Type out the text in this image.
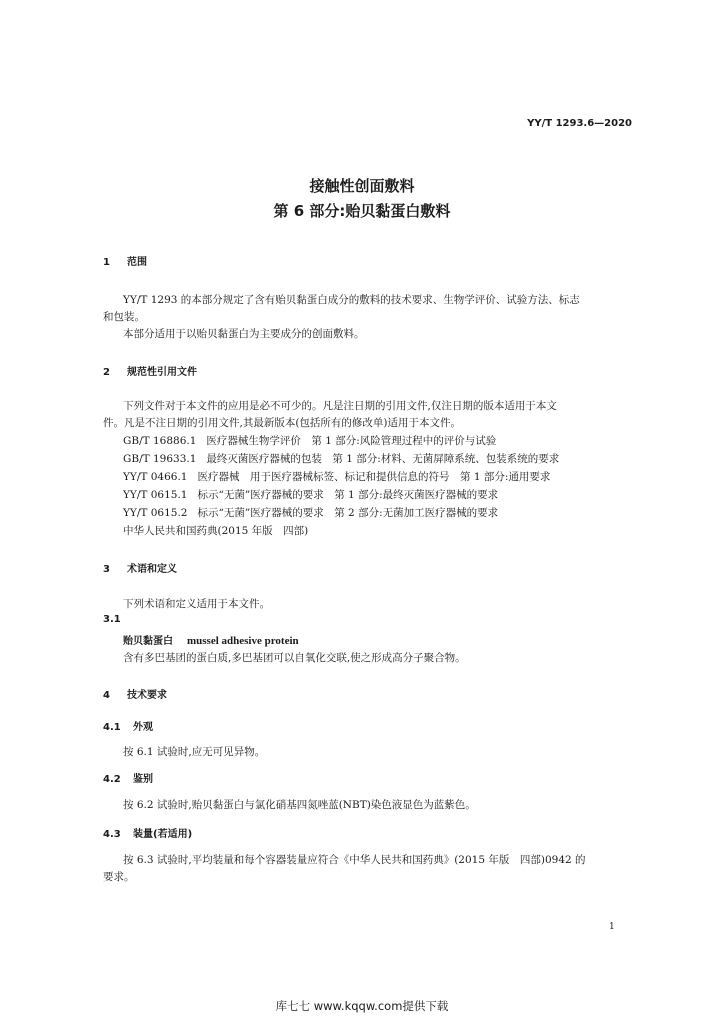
YY/T 1293.6—2020
接触性创面敷料
第 6 部分:贻贝黏蛋白敷料
1 范围
YY/T 1293 的本部分规定了含有贻贝黏蛋白成分的敷料的技术要求、生物学评价、试验方法、标志
和包装。
本部分适用于以贻贝黏蛋白为主要成分的创面敷料。
2 规范性引用文件
下列文件对于本文件的应用是必不可少的。凡是注日期的引用文件,仅注日期的版本适用于本文
件。凡是不注日期的引用文件,其最新版本(包括所有的修改单)适用于本文件。
GB/T 16886.1 医疗器械生物学评价　第 1 部分:风险管理过程中的评价与试验
GB/T 19633.1 最终灭菌医疗器械的包装　第 1 部分:材料、无菌屏障系统、包装系统的要求
YY/T 0466.1 医疗器械　用于医疗器械标签、标记和提供信息的符号　第 1 部分:通用要求
YY/T 0615.1 标示“无菌”医疗器械的要求　第 1 部分:最终灭菌医疗器械的要求
YY/T 0615.2 标示“无菌”医疗器械的要求　第 2 部分:无菌加工医疗器械的要求
中华人民共和国药典(2015 年版　四部)
3 术语和定义
下列术语和定义适用于本文件。
3.1
贻贝黏蛋白 mussel adhesive protein
含有多巴基团的蛋白质,多巴基团可以自氧化交联,使之形成高分子聚合物。
4 技术要求
4.1 外观
按 6.1 试验时,应无可见异物。
4.2 鉴别
按 6.2 试验时,贻贝黏蛋白与氯化硝基四氮唑蓝(NBT)染色液显色为蓝紫色。
4.3 装量(若适用)
按 6.3 试验时,平均装量和每个容器装量应符合《中华人民共和国药典》(2015 年版　四部)0942 的
要求。
1
库七七 www.kqqw.com提供下载
